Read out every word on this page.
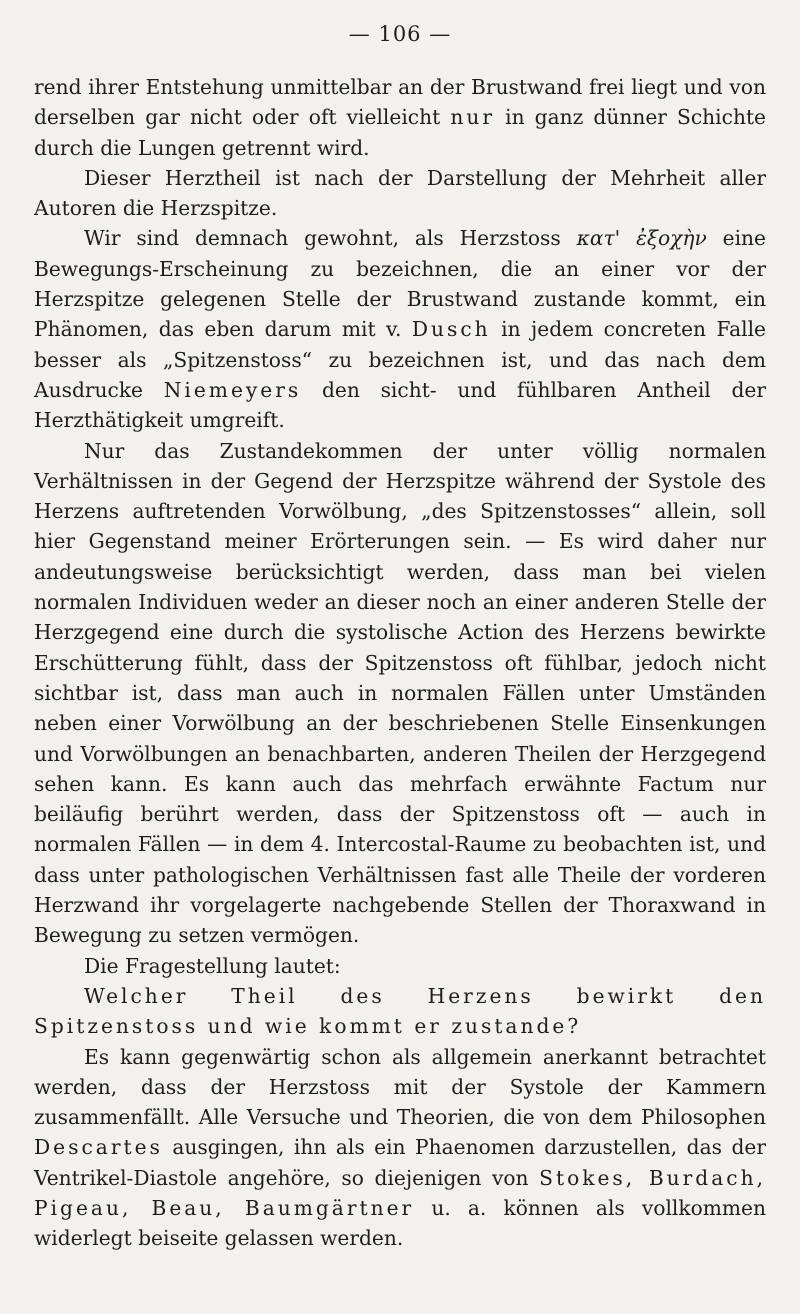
— 106 —

rend ihrer Entstehung unmittelbar an der Brustwand frei liegt und von derselben gar nicht oder oft vielleicht nur in ganz dünner Schichte durch die Lungen getrennt wird.

Dieser Herztheil ist nach der Darstellung der Mehrheit aller Autoren die Herzspitze.

Wir sind demnach gewohnt, als Herzstoss κατ' ἐξοχὴν eine Bewegungs-Erscheinung zu bezeichnen, die an einer vor der Herzspitze gelegenen Stelle der Brustwand zustande kommt, ein Phänomen, das eben darum mit v. Dusch in jedem concreten Falle besser als „Spitzenstoss“ zu bezeichnen ist, und das nach dem Ausdrucke Niemeyers den sicht- und fühlbaren Antheil der Herzthätigkeit umgreift.

Nur das Zustandekommen der unter völlig normalen Verhältnissen in der Gegend der Herzspitze während der Systole des Herzens auftretenden Vorwölbung, „des Spitzenstosses“ allein, soll hier Gegenstand meiner Erörterungen sein. — Es wird daher nur andeutungsweise berücksichtigt werden, dass man bei vielen normalen Individuen weder an dieser noch an einer anderen Stelle der Herzgegend eine durch die systolische Action des Herzens bewirkte Erschütterung fühlt, dass der Spitzenstoss oft fühlbar, jedoch nicht sichtbar ist, dass man auch in normalen Fällen unter Umständen neben einer Vorwölbung an der beschriebenen Stelle Einsenkungen und Vorwölbungen an benachbarten, anderen Theilen der Herzgegend sehen kann. Es kann auch das mehrfach erwähnte Factum nur beiläufig berührt werden, dass der Spitzenstoss oft — auch in normalen Fällen — in dem 4. Intercostal-Raume zu beobachten ist, und dass unter pathologischen Verhältnissen fast alle Theile der vorderen Herzwand ihr vorgelagerte nachgebende Stellen der Thoraxwand in Bewegung zu setzen vermögen.

Die Fragestellung lautet:

Welcher Theil des Herzens bewirkt den Spitzenstoss und wie kommt er zustande?

Es kann gegenwärtig schon als allgemein anerkannt betrachtet werden, dass der Herzstoss mit der Systole der Kammern zusammenfällt. Alle Versuche und Theorien, die von dem Philosophen Descartes ausgingen, ihn als ein Phaenomen darzustellen, das der Ventrikel-Diastole angehöre, so diejenigen von Stokes, Burdach, Pigeau, Beau, Baumgärtner u. a. können als vollkommen widerlegt beiseite gelassen werden.
